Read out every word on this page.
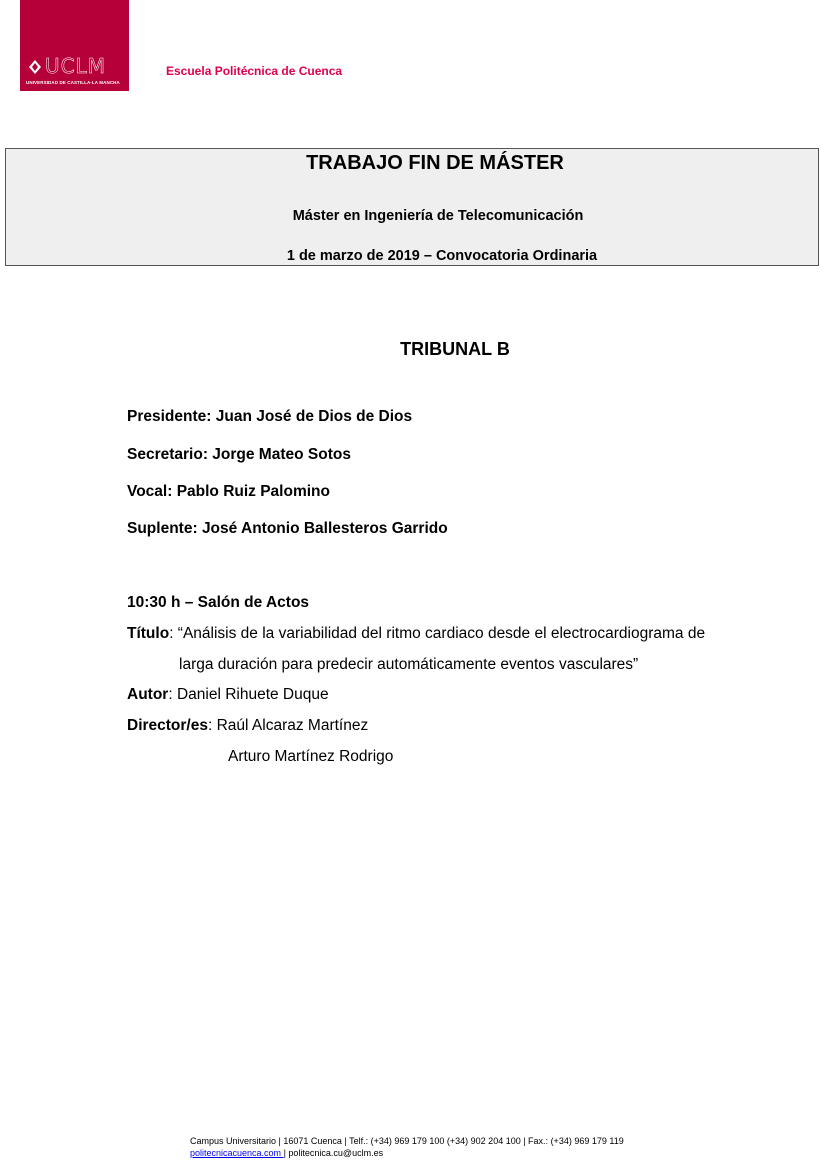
UCLM
UNIVERSIDAD DE CASTILLA-LA MANCHA
Escuela Politécnica de Cuenca
TRABAJO FIN DE MÁSTER
Máster en Ingeniería de Telecomunicación
1 de marzo de 2019 – Convocatoria Ordinaria
TRIBUNAL B
Presidente: Juan José de Dios de Dios
Secretario: Jorge Mateo Sotos
Vocal: Pablo Ruiz Palomino
Suplente: José Antonio Ballesteros Garrido
10:30 h – Salón de Actos
Título: “Análisis de la variabilidad del ritmo cardiaco desde el electrocardiograma de
larga duración para predecir automáticamente eventos vasculares”
Autor: Daniel Rihuete Duque
Director/es: Raúl Alcaraz Martínez
Arturo Martínez Rodrigo
Campus Universitario | 16071 Cuenca | Telf.: (+34) 969 179 100 (+34) 902 204 100 | Fax.: (+34) 969 179 119
politecnicacuenca.com | politecnica.cu@uclm.es
